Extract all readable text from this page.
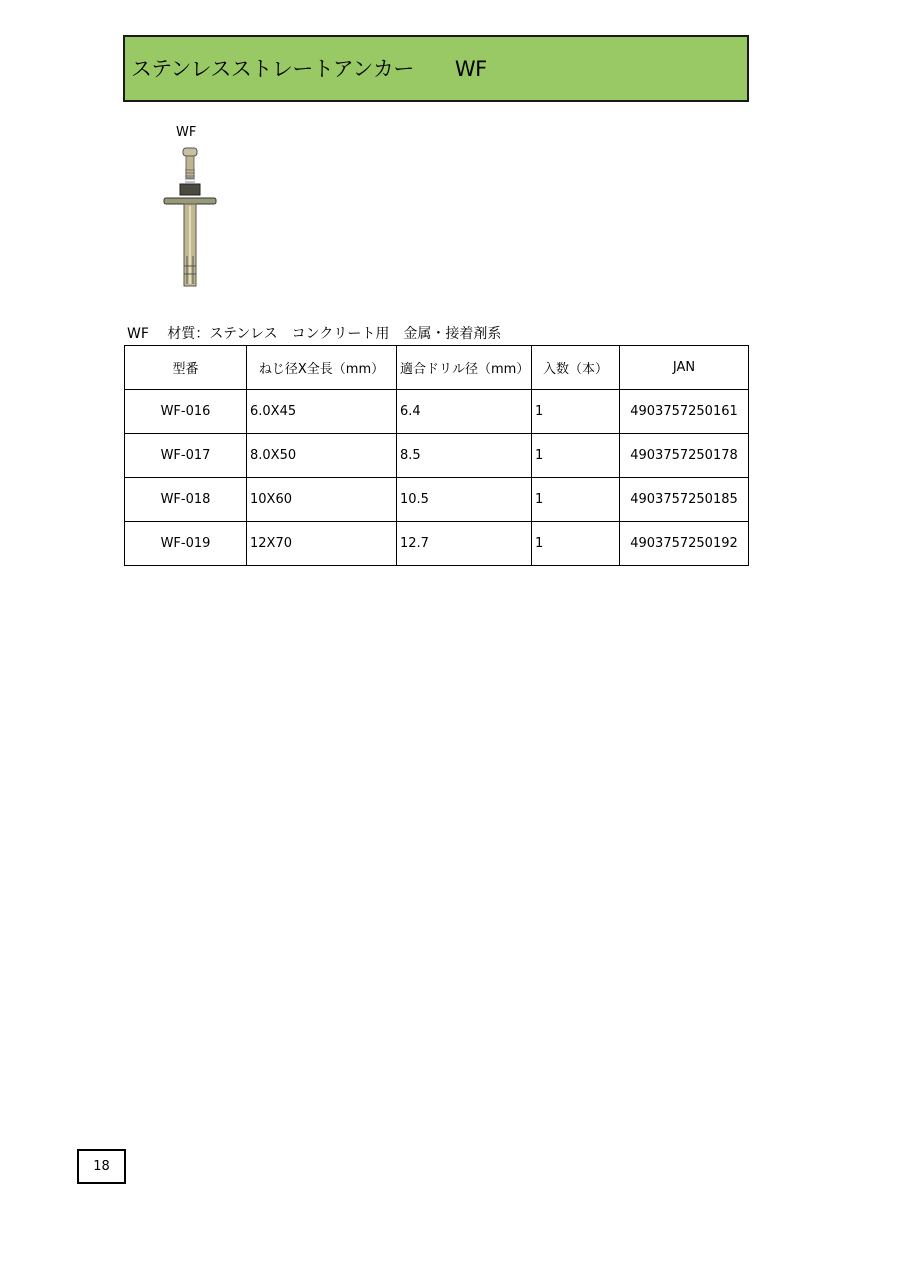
ステンレスストレートアンカー　　WF
WF
WF　 材質：ステンレス　コンクリート用　金属・接着剤系
型番	ねじ径X全長（mm）	適合ドリル径（mm）	入数（本）	JAN
WF-016	6.0X45	6.4	1	4903757250161
WF-017	8.0X50	8.5	1	4903757250178
WF-018	10X60	10.5	1	4903757250185
WF-019	12X70	12.7	1	4903757250192
18
